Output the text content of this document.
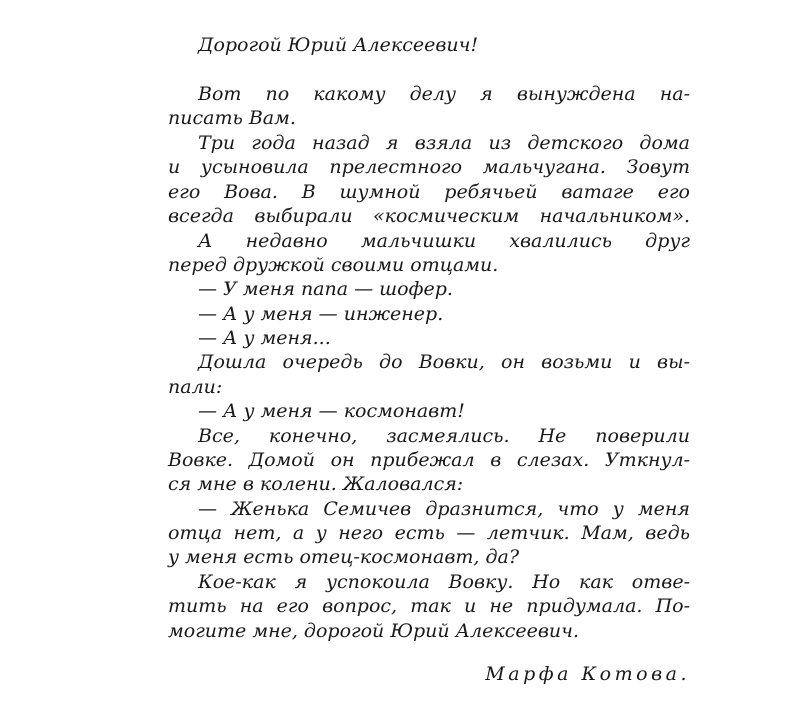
Дорогой Юрий Алексеевич!
Вот по какому делу я вынуждена на-
писать Вам.
Три года назад я взяла из детского дома
и усыновила прелестного мальчугана. Зовут
его Вова. В шумной ребячьей ватаге его
всегда выбирали «космическим начальником».
А недавно мальчишки хвалились друг
перед дружкой своими отцами.
— У меня папа — шофер.
— А у меня — инженер.
— А у меня...
Дошла очередь до Вовки, он возьми и вы-
пали:
— А у меня — космонавт!
Все, конечно, засмеялись. Не поверили
Вовке. Домой он прибежал в слезах. Уткнул-
ся мне в колени. Жаловался:
— Женька Семичев дразнится, что у меня
отца нет, а у него есть — летчик. Мам, ведь
у меня есть отец-космонавт, да?
Кое-как я успокоила Вовку. Но как отве-
тить на его вопрос, так и не придумала. По-
могите мне, дорогой Юрий Алексеевич.
Марфа Котова.
